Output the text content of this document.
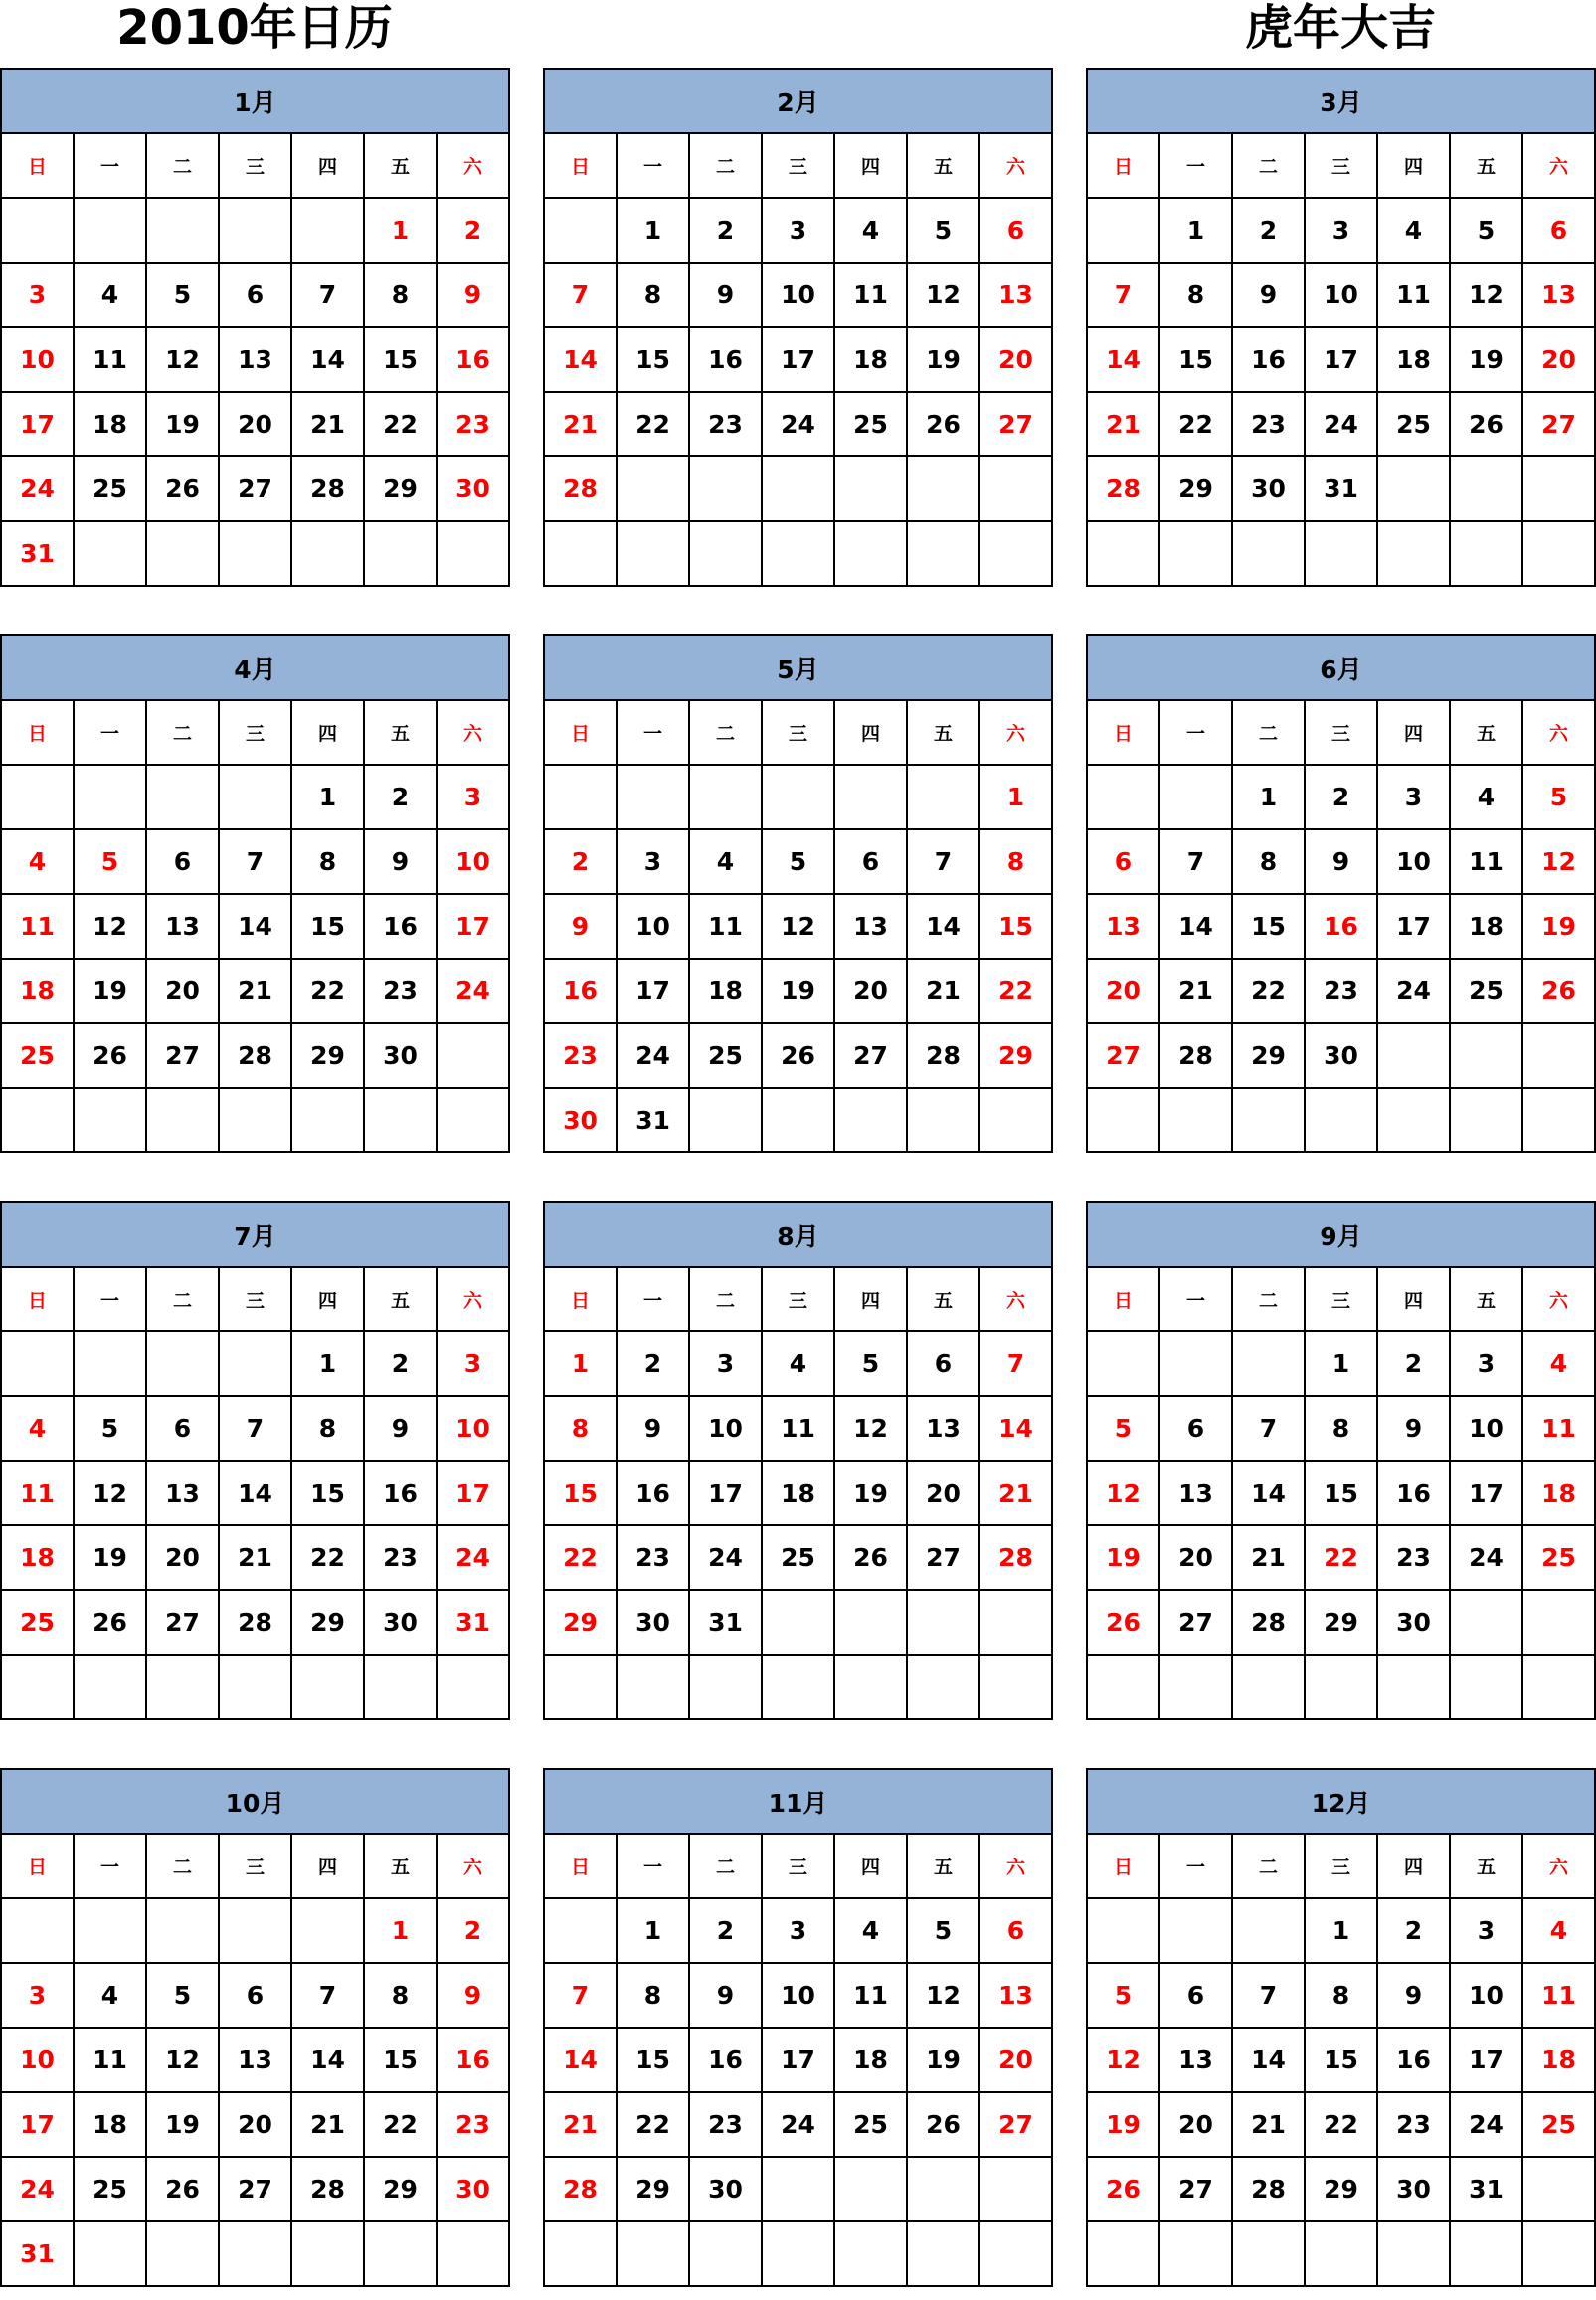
2010年日历	虎年大吉
1月						
日	一	二	三	四	五	六
					1	2
3	4	5	6	7	8	9
10	11	12	13	14	15	16
17	18	19	20	21	22	23
24	25	26	27	28	29	30
31						
2月						
日	一	二	三	四	五	六
	1	2	3	4	5	6
7	8	9	10	11	12	13
14	15	16	17	18	19	20
21	22	23	24	25	26	27
28						

3月						
日	一	二	三	四	五	六
	1	2	3	4	5	6
7	8	9	10	11	12	13
14	15	16	17	18	19	20
21	22	23	24	25	26	27
28	29	30	31			

4月						
日	一	二	三	四	五	六
				1	2	3
4	5	6	7	8	9	10
11	12	13	14	15	16	17
18	19	20	21	22	23	24
25	26	27	28	29	30	

5月						
日	一	二	三	四	五	六
						1
2	3	4	5	6	7	8
9	10	11	12	13	14	15
16	17	18	19	20	21	22
23	24	25	26	27	28	29
30	31					
6月						
日	一	二	三	四	五	六
		1	2	3	4	5
6	7	8	9	10	11	12
13	14	15	16	17	18	19
20	21	22	23	24	25	26
27	28	29	30			

7月						
日	一	二	三	四	五	六
				1	2	3
4	5	6	7	8	9	10
11	12	13	14	15	16	17
18	19	20	21	22	23	24
25	26	27	28	29	30	31

8月						
日	一	二	三	四	五	六
1	2	3	4	5	6	7
8	9	10	11	12	13	14
15	16	17	18	19	20	21
22	23	24	25	26	27	28
29	30	31				

9月						
日	一	二	三	四	五	六
			1	2	3	4
5	6	7	8	9	10	11
12	13	14	15	16	17	18
19	20	21	22	23	24	25
26	27	28	29	30		

10月						
日	一	二	三	四	五	六
					1	2
3	4	5	6	7	8	9
10	11	12	13	14	15	16
17	18	19	20	21	22	23
24	25	26	27	28	29	30
31						
11月						
日	一	二	三	四	五	六
	1	2	3	4	5	6
7	8	9	10	11	12	13
14	15	16	17	18	19	20
21	22	23	24	25	26	27
28	29	30				

12月						
日	一	二	三	四	五	六
			1	2	3	4
5	6	7	8	9	10	11
12	13	14	15	16	17	18
19	20	21	22	23	24	25
26	27	28	29	30	31	
